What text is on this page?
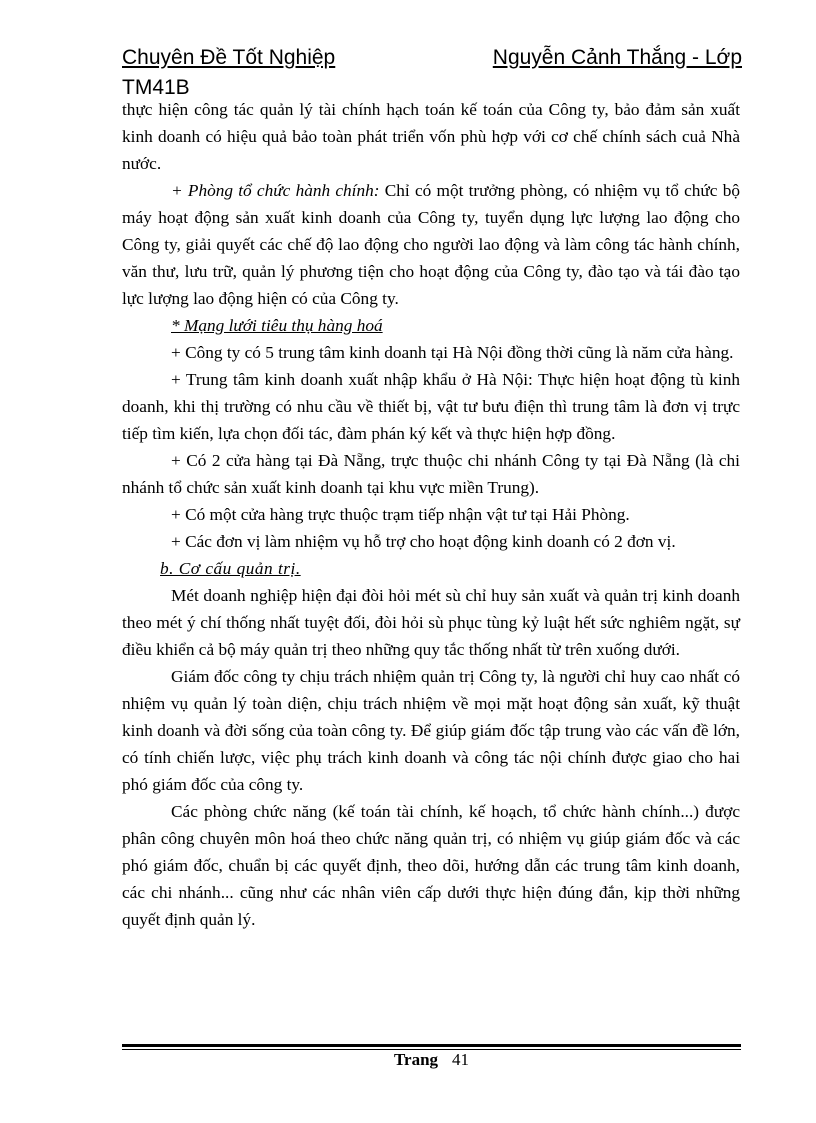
Chuyên Đề Tốt Nghiệp	Nguyễn Cảnh Thắng - Lớp
TM41B

thực hiện công tác quản lý tài chính hạch toán kế toán của Công ty, bảo đảm sản xuất kinh doanh có hiệu quả bảo toàn phát triển vốn phù hợp với cơ chế chính sách cuả Nhà nước.

+ Phòng tổ chức hành chính: Chỉ có một trưởng phòng, có nhiệm vụ tổ chức bộ máy hoạt động sản xuất kinh doanh của Công ty, tuyển dụng lực lượng lao động cho Công ty, giải quyết các chế độ lao động cho người lao động và làm công tác hành chính, văn thư, lưu trữ, quản lý phương tiện cho hoạt động của Công ty, đào tạo và tái đào tạo lực lượng lao động hiện có của Công ty.

* Mạng lưới tiêu thụ hàng hoá

+ Công ty có 5 trung tâm kinh doanh tại Hà Nội đồng thời cũng là năm cửa hàng.

+ Trung tâm kinh doanh xuất nhập khẩu ở Hà Nội: Thực hiện hoạt động tù kinh doanh, khi thị trường có nhu cầu về thiết bị, vật tư bưu điện thì trung tâm là đơn vị trực tiếp tìm kiến, lựa chọn đối tác, đàm phán ký kết và thực hiện hợp đồng.

+ Có 2 cửa hàng tại Đà Nẵng, trực thuộc chi nhánh Công ty tại Đà Nẵng (là chi nhánh tổ chức sản xuất kinh doanh tại khu vực miền Trung).

+ Có một cửa hàng trực thuộc trạm tiếp nhận vật tư tại Hải Phòng.

+ Các đơn vị làm nhiệm vụ hỗ trợ cho hoạt động kinh doanh có 2 đơn vị.

b. Cơ cấu quản trị.

Mét doanh nghiệp hiện đại đòi hỏi mét sù chỉ huy sản xuất và quản trị kinh doanh theo mét ý chí thống nhất tuyệt đối, đòi hỏi sù phục tùng kỷ luật hết sức nghiêm ngặt, sự điều khiển cả bộ máy quản trị theo những quy tắc thống nhất từ trên xuống dưới.

Giám đốc công ty chịu trách nhiệm quản trị Công ty, là người chỉ huy cao nhất có nhiệm vụ quản lý toàn diện, chịu trách nhiệm về mọi mặt hoạt động sản xuất, kỹ thuật kinh doanh và đời sống của toàn công ty. Để giúp giám đốc tập trung vào các vấn đề lớn, có tính chiến lược, việc phụ trách kinh doanh và công tác nội chính được giao cho hai phó giám đốc của công ty.

Các phòng chức năng (kế toán tài chính, kế hoạch, tổ chức hành chính...) được phân công chuyên môn hoá theo chức năng quản trị, có nhiệm vụ giúp giám đốc và các phó giám đốc, chuẩn bị các quyết định, theo dõi, hướng dẫn các trung tâm kinh doanh, các chi nhánh... cũng như các nhân viên cấp dưới thực hiện đúng đắn, kịp thời những quyết định quản lý.

Trang 41
